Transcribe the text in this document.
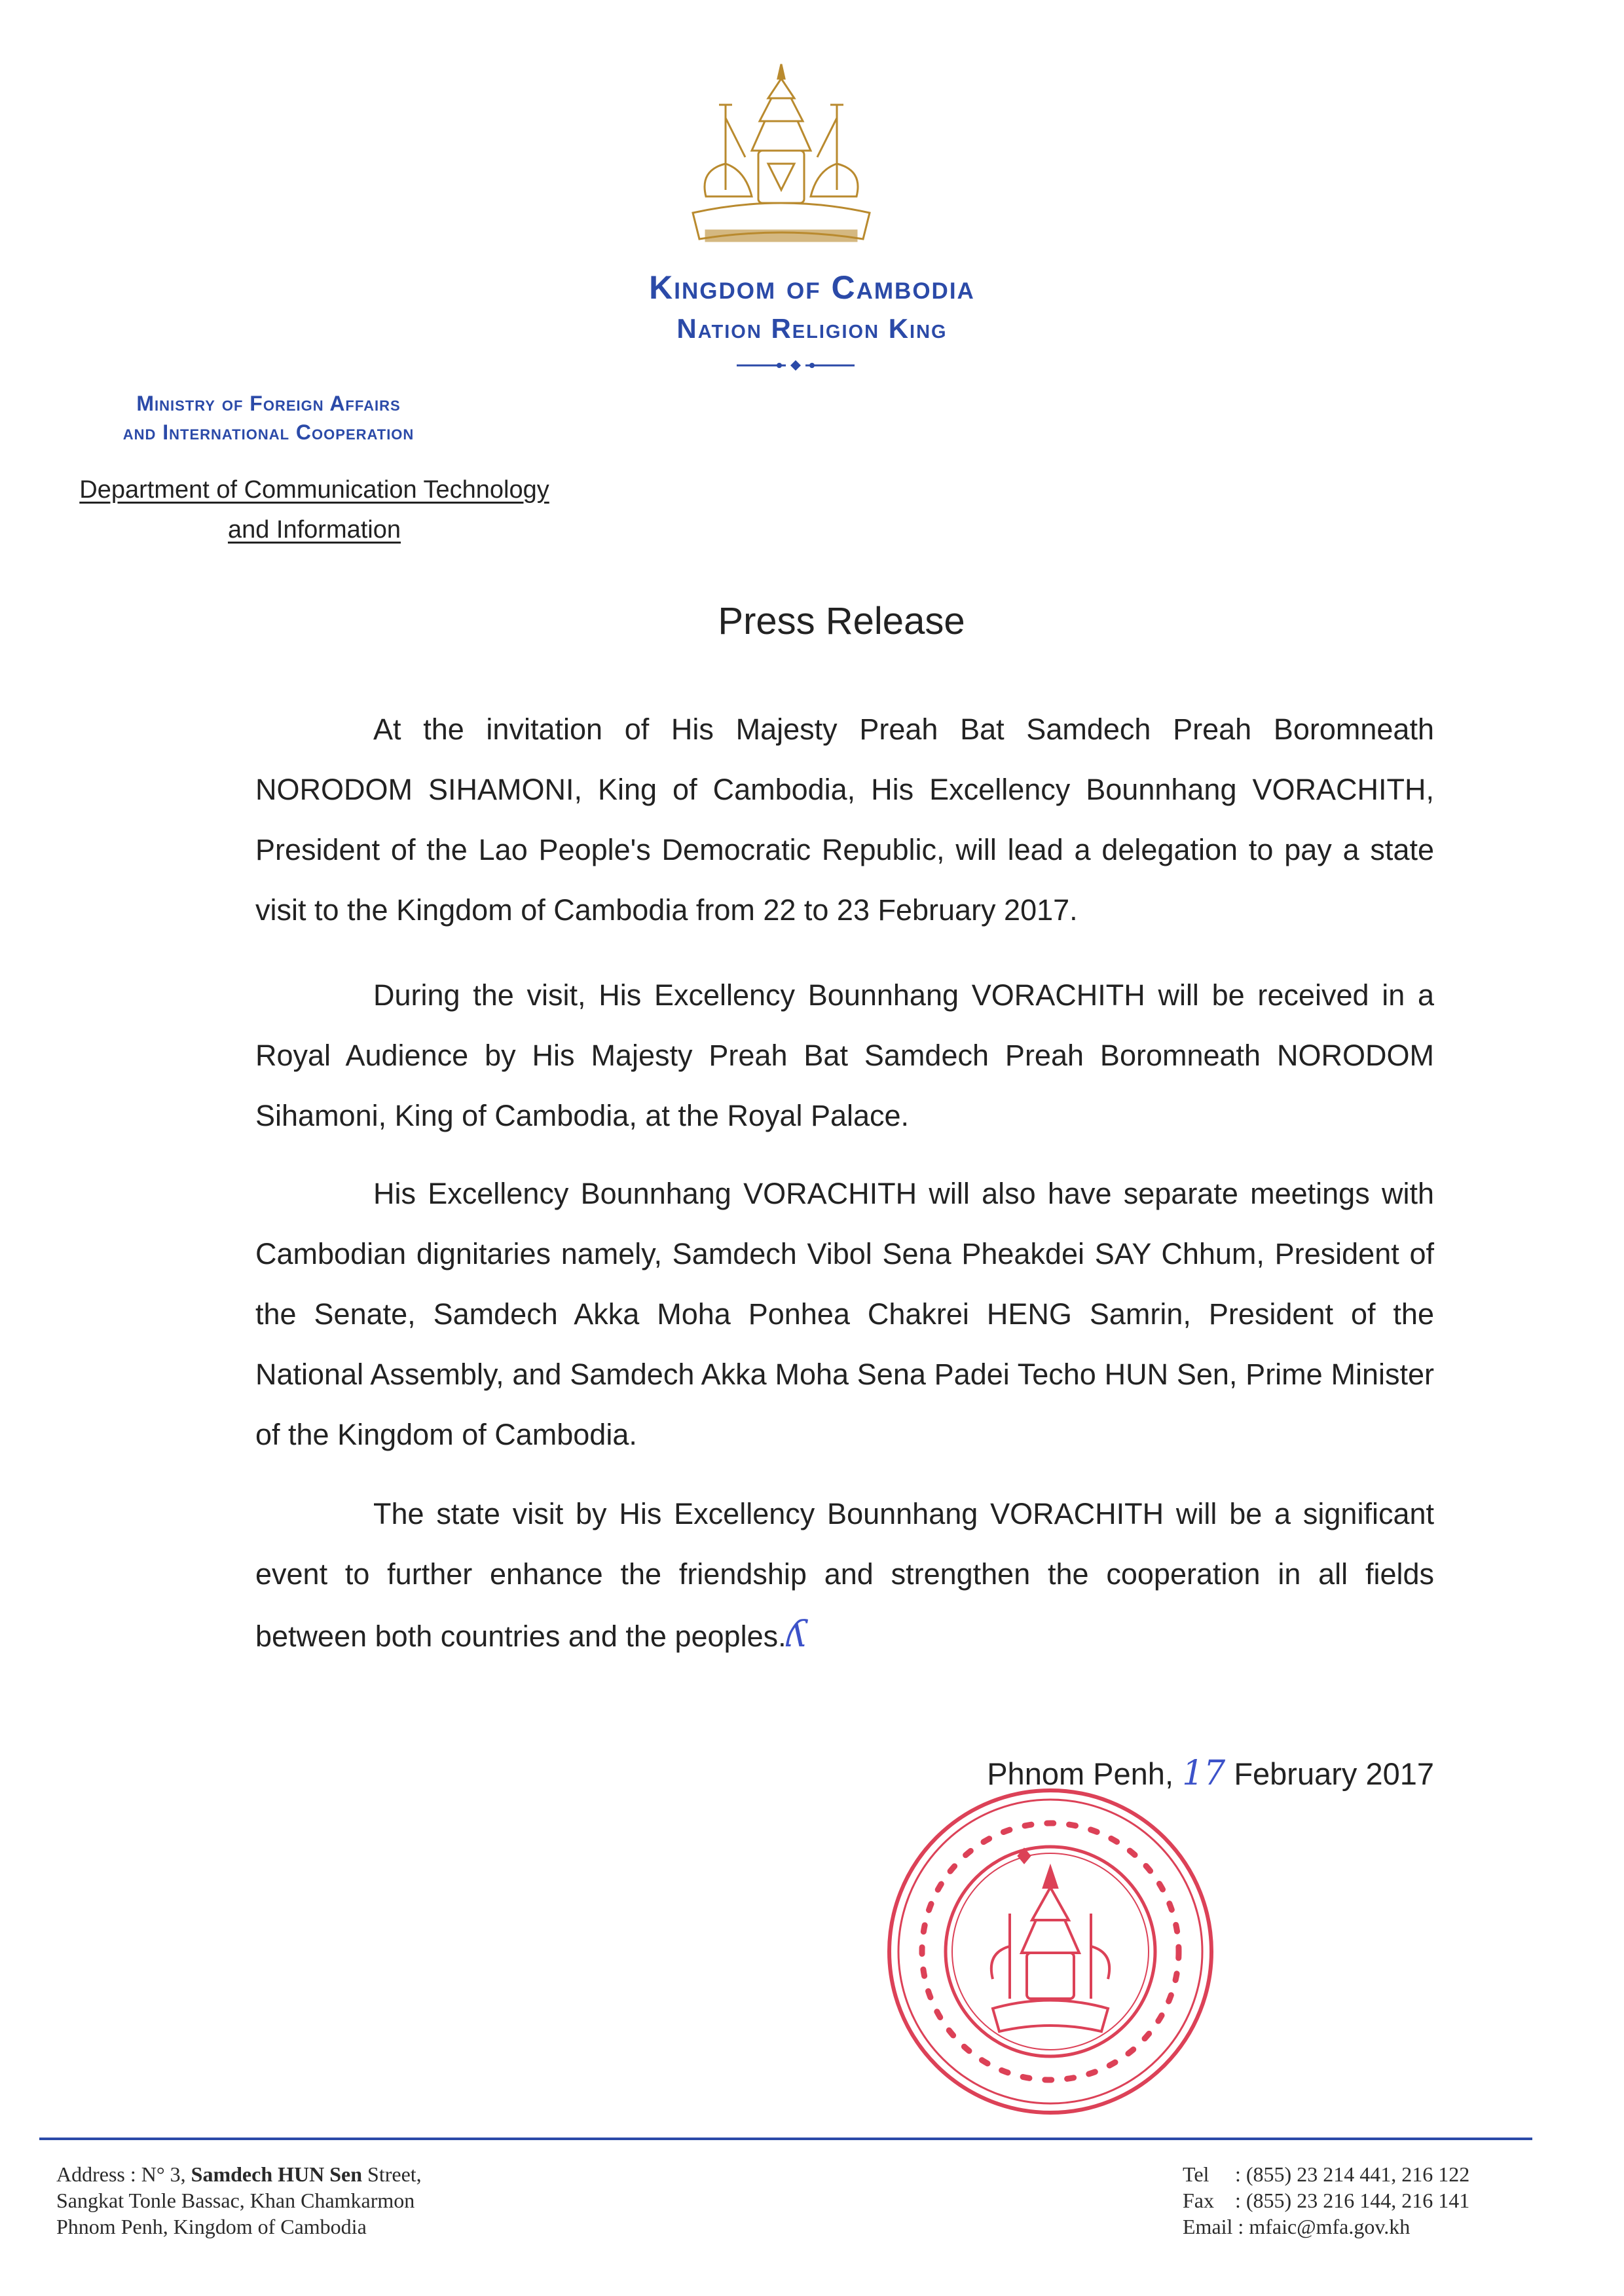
Kingdom of Cambodia
Nation Religion King
Ministry of Foreign Affairs
and International Cooperation
Department of Communication Technology
and Information
Press Release

At the invitation of His Majesty Preah Bat Samdech Preah Boromneath NORODOM SIHAMONI, King of Cambodia, His Excellency Bounnhang VORACHITH, President of the Lao People's Democratic Republic, will lead a delegation to pay a state visit to the Kingdom of Cambodia from 22 to 23 February 2017.

During the visit, His Excellency Bounnhang VORACHITH will be received in a Royal Audience by His Majesty Preah Bat Samdech Preah Boromneath NORODOM Sihamoni, King of Cambodia, at the Royal Palace.

His Excellency Bounnhang VORACHITH will also have separate meetings with Cambodian dignitaries namely, Samdech Vibol Sena Pheakdei SAY Chhum, President of the Senate, Samdech Akka Moha Ponhea Chakrei HENG Samrin, President of the National Assembly, and Samdech Akka Moha Sena Padei Techo HUN Sen, Prime Minister of the Kingdom of Cambodia.

The state visit by His Excellency Bounnhang VORACHITH will be a significant event to further enhance the friendship and strengthen the cooperation in all fields between both countries and the peoples.ʎ

Phnom Penh, 17 February 2017
Address : N° 3, Samdech HUN Sen Street,
Sangkat Tonle Bassac, Khan Chamkarmon
Phnom Penh, Kingdom of Cambodia
Tel : (855) 23 214 441, 216 122
Fax : (855) 23 216 144, 216 141
Email : mfaic@mfa.gov.kh
